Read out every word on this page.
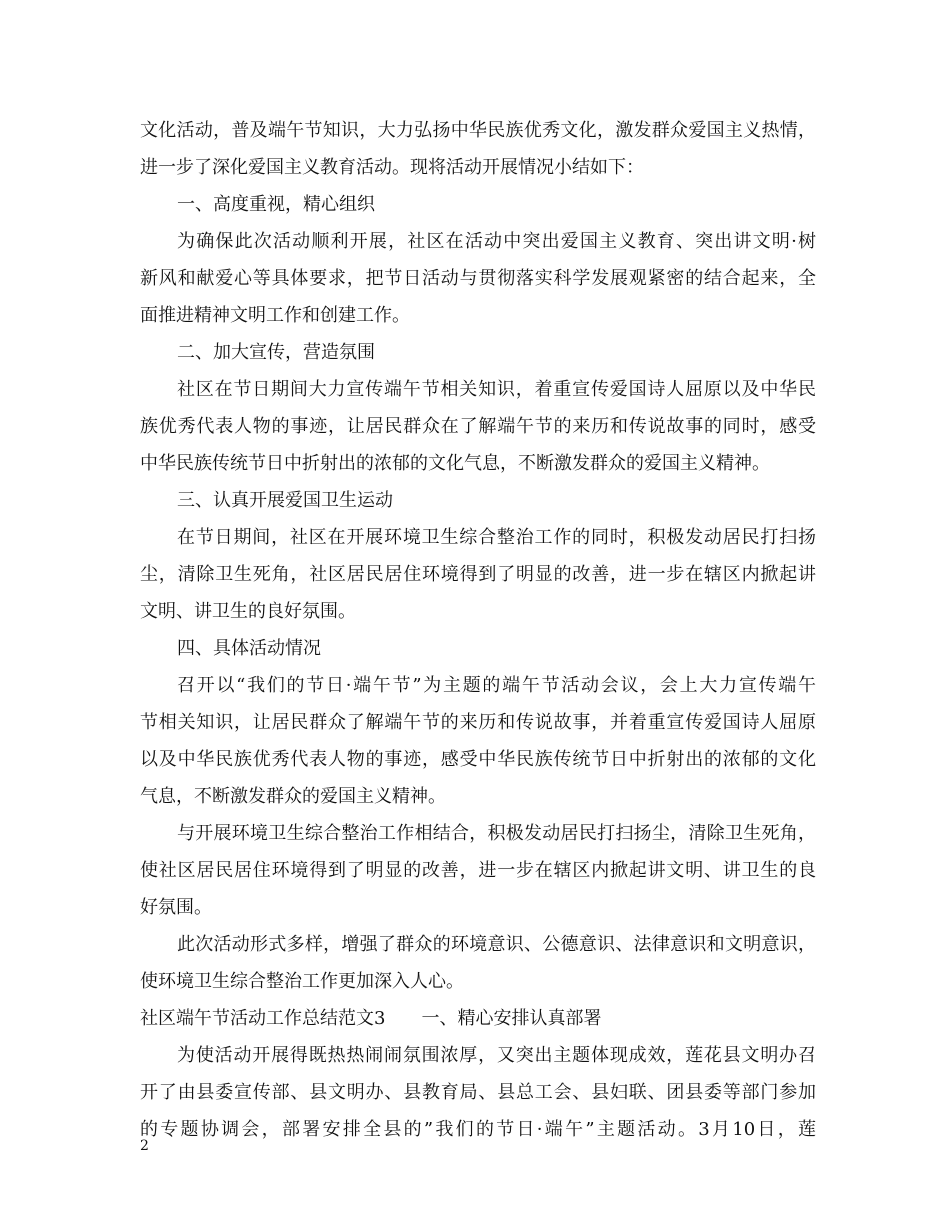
文化活动，普及端午节知识，大力弘扬中华民族优秀文化，激发群众爱国主义热情，
进一步了深化爱国主义教育活动。现将活动开展情况小结如下：
一、高度重视，精心组织
为确保此次活动顺利开展，社区在活动中突出爱国主义教育、突出讲文明·树
新风和献爱心等具体要求，把节日活动与贯彻落实科学发展观紧密的结合起来，全
面推进精神文明工作和创建工作。
二、加大宣传，营造氛围
社区在节日期间大力宣传端午节相关知识，着重宣传爱国诗人屈原以及中华民
族优秀代表人物的事迹，让居民群众在了解端午节的来历和传说故事的同时，感受
中华民族传统节日中折射出的浓郁的文化气息，不断激发群众的爱国主义精神。
三、认真开展爱国卫生运动
在节日期间，社区在开展环境卫生综合整治工作的同时，积极发动居民打扫扬
尘，清除卫生死角，社区居民居住环境得到了明显的改善，进一步在辖区内掀起讲
文明、讲卫生的良好氛围。
四、具体活动情况
召开以“我们的节日·端午节”为主题的端午节活动会议，会上大力宣传端午
节相关知识，让居民群众了解端午节的来历和传说故事，并着重宣传爱国诗人屈原
以及中华民族优秀代表人物的事迹，感受中华民族传统节日中折射出的浓郁的文化
气息，不断激发群众的爱国主义精神。
与开展环境卫生综合整治工作相结合，积极发动居民打扫扬尘，清除卫生死角，
使社区居民居住环境得到了明显的改善，进一步在辖区内掀起讲文明、讲卫生的良
好氛围。
此次活动形式多样，增强了群众的环境意识、公德意识、法律意识和文明意识，
使环境卫生综合整治工作更加深入人心。
社区端午节活动工作总结范文3　　一、精心安排认真部署
为使活动开展得既热热闹闹氛围浓厚，又突出主题体现成效，莲花县文明办召
开了由县委宣传部、县文明办、县教育局、县总工会、县妇联、团县委等部门参加
的专题协调会，部署安排全县的”我们的节日·端午”主题活动。3月10日，莲
2
